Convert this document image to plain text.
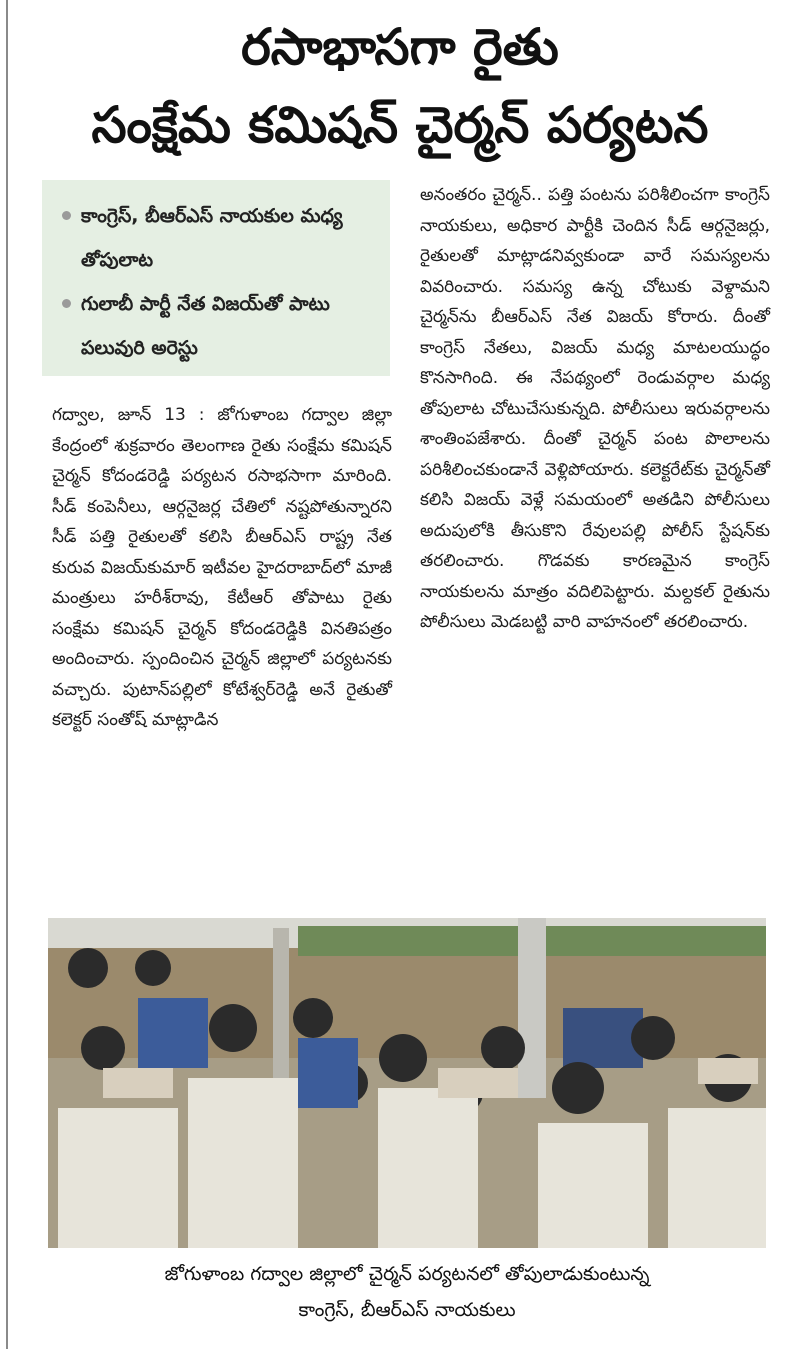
రసాభాసగా రైతు
సంక్షేమ కమిషన్ చైర్మన్ పర్యటన
కాంగ్రెస్, బీఆర్ఎస్ నాయకుల మధ్య తోపులాట
గులాబీ పార్టీ నేత విజయ్‌తో పాటు పలువురి అరెస్టు

అనంతరం చైర్మన్.. పత్తి పంటను పరిశీలించగా కాంగ్రెస్ నాయకులు, అధికార పార్టీకి చెందిన సీడ్ ఆర్గనైజర్లు, రైతులతో మాట్లాడనివ్వకుండా వారే సమస్యలను వివరించారు. సమస్య ఉన్న చోటుకు వెళ్దామని చైర్మన్‌ను బీఆర్ఎస్ నేత విజయ్ కోరారు. దీంతో కాంగ్రెస్ నేతలు, విజయ్ మధ్య మాటలయుద్ధం కొనసాగింది. ఈ నేపథ్యంలో రెండువర్గాల మధ్య తోపులాట చోటుచేసుకున్నది. పోలీసులు ఇరువర్గాలను శాంతింపజేశారు. దీంతో చైర్మన్ పంట పొలాలను పరిశీలించకుండానే వెళ్లిపోయారు. కలెక్టరేట్‌కు చైర్మన్‌తో కలిసి విజయ్ వెళ్లే సమయంలో అతడిని పోలీసులు అదుపులోకి తీసుకొని రేవులపల్లి పోలీస్ స్టేషన్‌కు తరలించారు. గొడవకు కారణమైన కాంగ్రెస్ నాయకులను మాత్రం వదిలిపెట్టారు. మల్దకల్ రైతును పోలీసులు మెడబట్టి వారి వాహనంలో తరలించారు.

గద్వాల, జూన్ 13 : జోగుళాంబ గద్వాల జిల్లా కేంద్రంలో శుక్రవారం తెలంగాణ రైతు సంక్షేమ కమిషన్ చైర్మన్ కోదండరెడ్డి పర్యటన రసాభసాగా మారింది. సీడ్ కంపెనీలు, ఆర్గనైజర్ల చేతిలో నష్టపోతున్నారని సీడ్ పత్తి రైతులతో కలిసి బీఆర్ఎస్ రాష్ట్ర నేత కురువ విజయ్‌కుమార్ ఇటీవల హైదరాబాద్‌లో మాజీ మంత్రులు హరీశ్‌రావు, కేటీఆర్ తోపాటు రైతు సంక్షేమ కమిషన్ చైర్మన్ కోదండరెడ్డికి వినతిపత్రం అందించారు. స్పందించిన చైర్మన్ జిల్లాలో పర్యటనకు వచ్చారు. పుటాన్‌పల్లిలో కోటేశ్వర్‌రెడ్డి అనే రైతుతో కలెక్టర్ సంతోష్ మాట్లాడిన

జోగుళాంబ గద్వాల జిల్లాలో చైర్మన్ పర్యటనలో తోపులాడుకుంటున్న
కాంగ్రెస్, బీఆర్ఎస్ నాయకులు
